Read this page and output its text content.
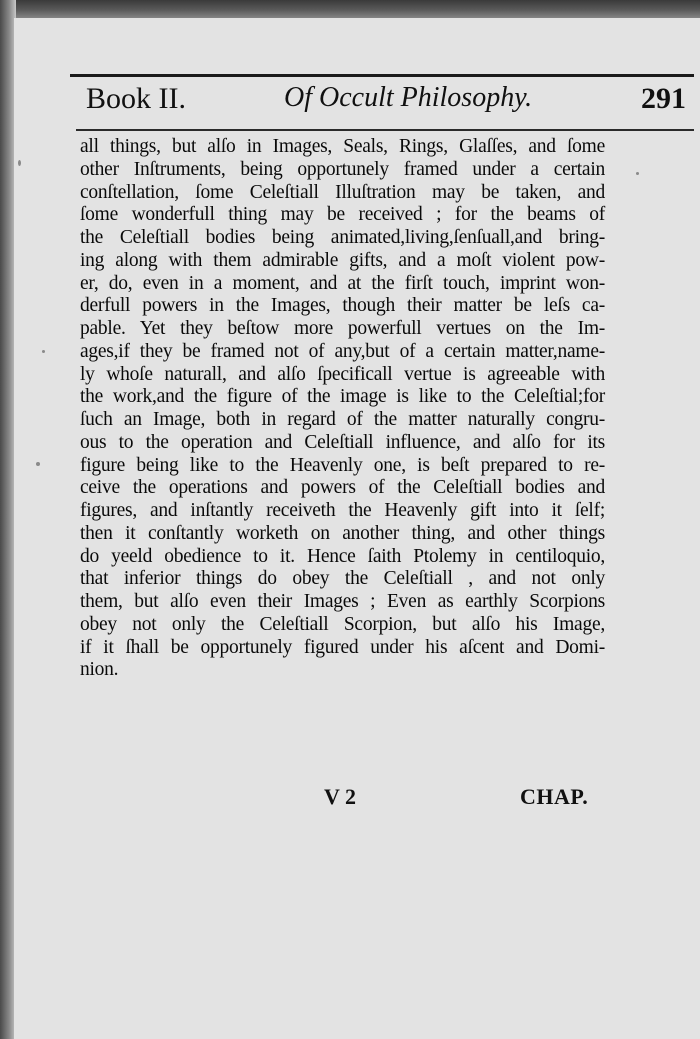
Book II.	Of Occult Philosophy.	291
all things, but alſo in Images, Seals, Rings, Glaſſes, and ſome
other Inſtruments, being opportunely framed under a certain
conſtellation, ſome Celeſtiall Illuſtration may be taken, and
ſome wonderfull thing may be received ; for the beams of
the Celeſtiall bodies being animated,living,ſenſuall,and bring-
ing along with them admirable gifts, and a moſt violent pow-
er, do, even in a moment, and at the firſt touch, imprint won-
derfull powers in the Images, though their matter be leſs ca-
pable. Yet they beſtow more powerfull vertues on the Im-
ages,if they be framed not of any,but of a certain matter,name-
ly whoſe naturall, and alſo ſpecificall vertue is agreeable with
the work,and the figure of the image is like to the Celeſtial;for
ſuch an Image, both in regard of the matter naturally congru-
ous to the operation and Celeſtiall influence, and alſo for its
figure being like to the Heavenly one, is beſt prepared to re-
ceive the operations and powers of the Celeſtiall bodies and
figures, and inſtantly receiveth the Heavenly gift into it ſelf;
then it conſtantly worketh on another thing, and other things
do yeeld obedience to it. Hence ſaith Ptolemy in centiloquio,
that inferior things do obey the Celeſtiall , and not only
them, but alſo even their Images ; Even as earthly Scorpions
obey not only the Celeſtiall Scorpion, but alſo his Image,
if it ſhall be opportunely figured under his aſcent and Domi-
nion.
V 2	CHAP.
